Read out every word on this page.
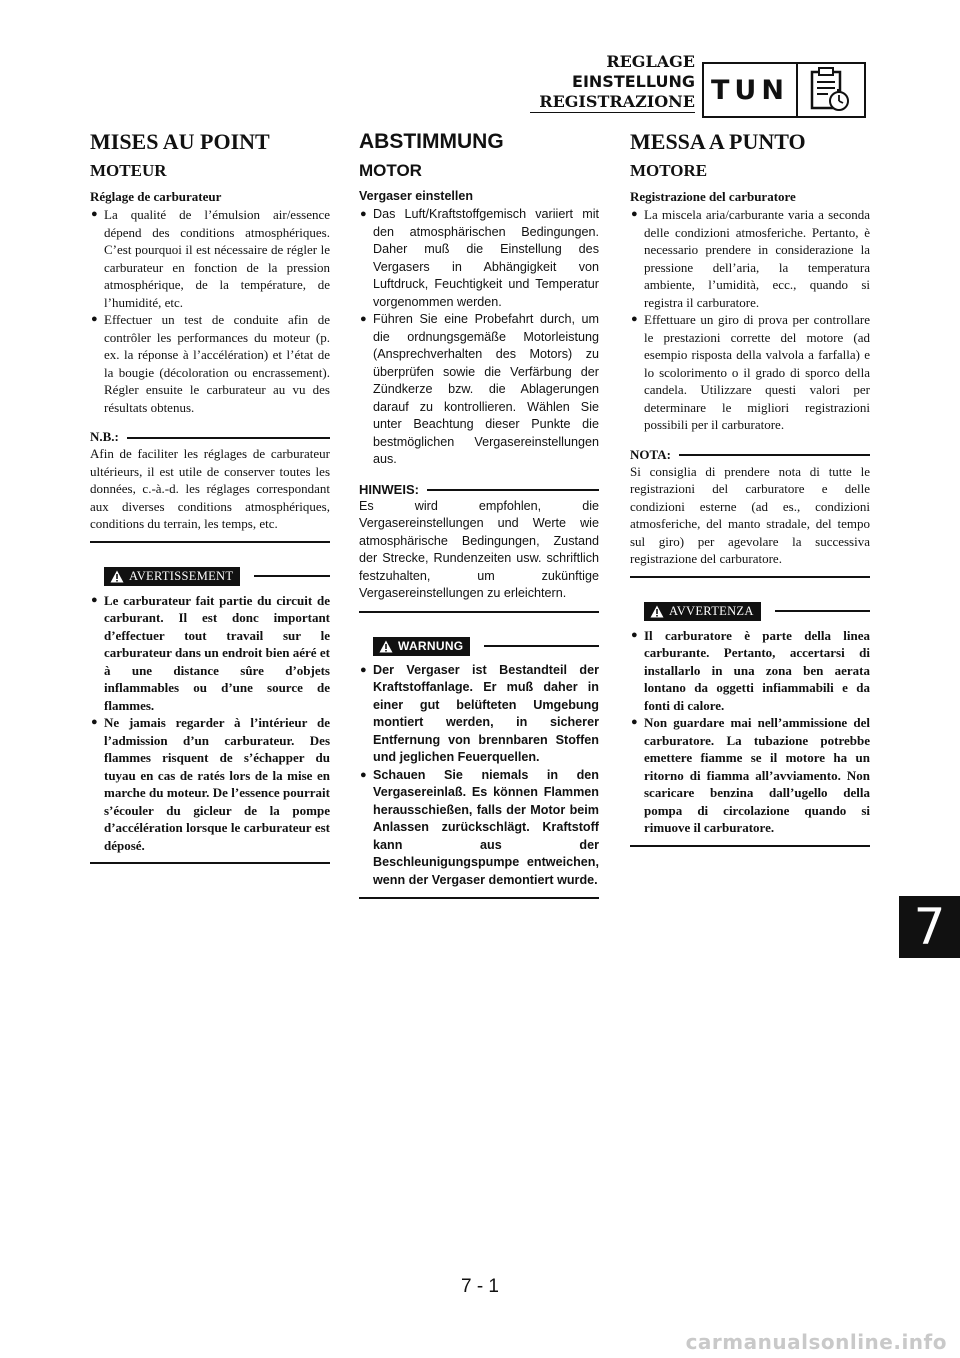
REGLAGE
EINSTELLUNG
REGISTRAZIONE TUN
MISES AU POINT
MOTEUR
Réglage de carburateur
● La qualité de l’émulsion air/essence dépend des conditions atmosphériques. C’est pourquoi il est nécessaire de régler le carburateur en fonction de la pression atmosphérique, de la température, de l’humidité, etc.
● Effectuer un test de conduite afin de contrôler les performances du moteur (p. ex. la réponse à l’accélération) et l’état de la bougie (décoloration ou encrassement). Régler ensuite le carburateur au vu des résultats obtenus.
N.B.:

Afin de faciliter les réglages de carburateur ultérieurs, il est utile de conserver toutes les données, c.-à.-d. les réglages correspondant aux diverses conditions atmosphériques, conditions du terrain, les temps, etc.

AVERTISSEMENT
● Le carburateur fait partie du circuit de carburant. Il est donc important d’effectuer tout travail sur le carburateur dans un endroit bien aéré et à une distance sûre d’objets inflammables ou d’une source de flammes.
● Ne jamais regarder à l’intérieur de l’admission d’un carburateur. Des flammes risquent de s’échapper du tuyau en cas de ratés lors de la mise en marche du moteur. De l’essence pourrait s’écouler du gicleur de la pompe d’accélération lorsque le carburateur est déposé.
ABSTIMMUNG
MOTOR
Vergaser einstellen
● Das Luft/Kraftstoffgemisch variiert mit den atmosphärischen Bedingungen. Daher muß die Einstellung des Vergasers in Abhängigkeit von Luftdruck, Feuchtigkeit und Temperatur vorgenommen werden.
● Führen Sie eine Probefahrt durch, um die ordnungsgemäße Motorleistung (Ansprechverhalten des Motors) zu überprüfen sowie die Verfärbung der Zündkerze bzw. die Ablagerungen darauf zu kontrollieren. Wählen Sie unter Beachtung dieser Punkte die bestmöglichen Vergasereinstellungen aus.
HINWEIS:

Es wird empfohlen, die Vergasereinstellungen und Werte wie atmosphärische Bedingungen, Zustand der Strecke, Rundenzeiten usw. schriftlich festzuhalten, um zukünftige Vergasereinstellungen zu erleichtern.

WARNUNG
● Der Vergaser ist Bestandteil der Kraftstoffanlage. Er muß daher in einer gut belüfteten Umgebung montiert werden, in sicherer Entfernung von brennbaren Stoffen und jeglichen Feuerquellen.
● Schauen Sie niemals in den Vergasereinlaß. Es können Flammen herausschießen, falls der Motor beim Anlassen zurückschlägt. Kraftstoff kann aus der Beschleunigungspumpe entweichen, wenn der Vergaser demontiert wurde.
MESSA A PUNTO
MOTORE
Registrazione del carburatore
● La miscela aria/carburante varia a seconda delle condizioni atmosferiche. Pertanto, è necessario prendere in considerazione la pressione dell’aria, la temperatura ambiente, l’umidità, ecc., quando si registra il carburatore.
● Effettuare un giro di prova per controllare le prestazioni corrette del motore (ad esempio risposta della valvola a farfalla) e lo scolorimento o il grado di sporco della candela. Utilizzare questi valori per determinare le migliori registrazioni possibili per il carburatore.
NOTA:

Si consiglia di prendere nota di tutte le registrazioni del carburatore e delle condizioni esterne (ad es., condizioni atmosferiche, del manto stradale, del tempo sul giro) per agevolare la successiva registrazione del carburatore.

AVVERTENZA
● Il carburatore è parte della linea carburante. Pertanto, accertarsi di installarlo in una zona ben aerata lontano da oggetti infiammabili e da fonti di calore.
● Non guardare mai nell’ammissione del carburatore. La tubazione potrebbe emettere fiamme se il motore ha un ritorno di fiamma all’avviamento. Non scaricare benzina dall’ugello della pompa di circolazione quando si rimuove il carburatore.
7
7 - 1
carmanualsonline.info
